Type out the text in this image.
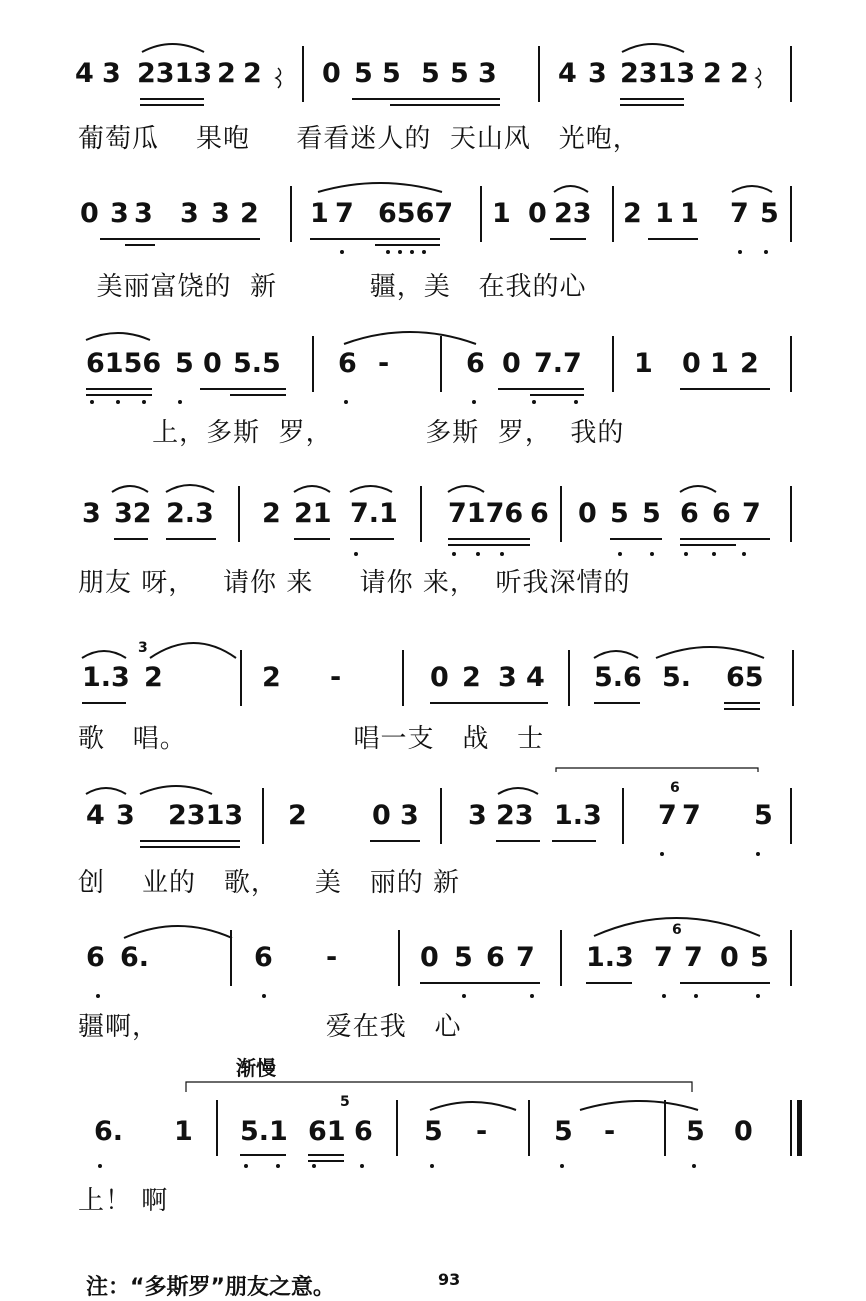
4 3 2313 2 2 0 5 5 5 5 3 4 3 2313 2 2
葡萄瓜    果咆     看看迷人的  天山风   光咆，
0 3 3 3 3 2 1 7 6567 1 0 23 2 1 1 7 5
美丽富饶的  新          疆，美   在我的心
6156 5 0 5.5 6 -	6 0 7.7 1 0 1 2
上，多斯  罗，          多斯  罗，  我的
3 32 2.3 2 21 7.1 7176 6 0 5 5 6 6 7
朋友 呀，   请你 来     请你 来，  听我深情的
1.3 2	2 -	0 2 3 4 5.6 5. 65
3
歌   唱。                  唱一支   战   士
4 3 2313 2 0 3 3 23 1.3 7 7 5
6
创    业的   歌，    美   丽的 新
6 6.	6 -	0 5 6 7 1.3 7 7 0 5
6
疆啊，                  爱在我   心
渐慢
6. 1 5.1 61 6 5 - 5 -	5 0
5
上！ 啊
注：“多斯罗”朋友之意。	93
